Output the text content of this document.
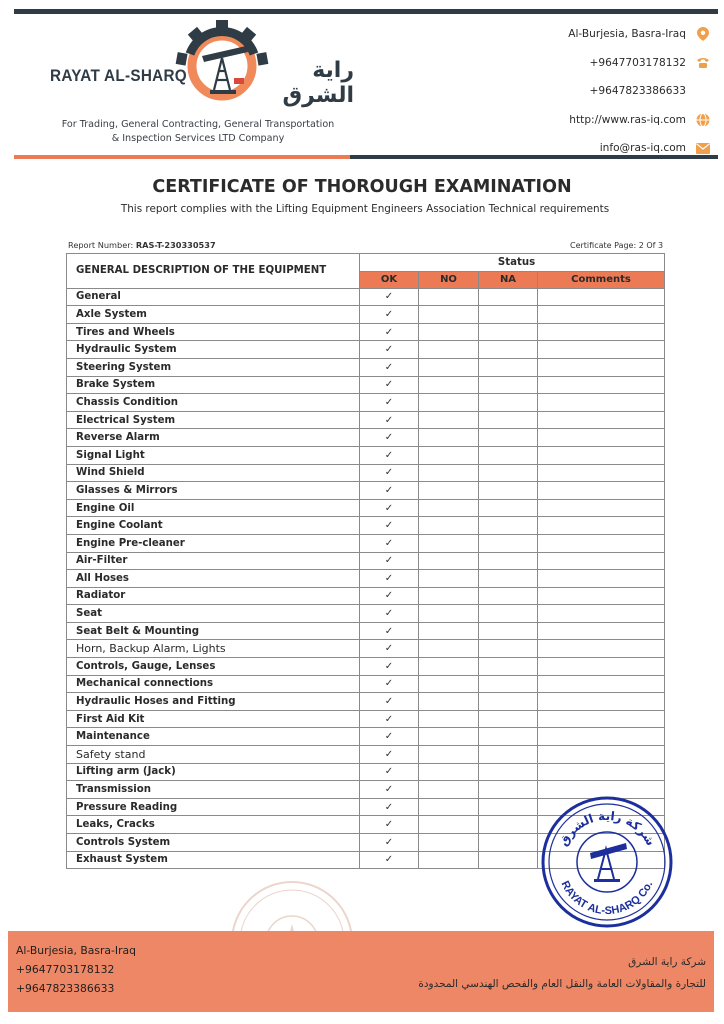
RAYAT AL-SHARQ	راية الشرق
For Trading, General Contracting, General Transportation
& Inspection Services LTD Company
Al-Burjesia, Basra-Iraq
+9647703178132
+9647823386633
http://www.ras-iq.com
info@ras-iq.com
CERTIFICATE OF THOROUGH EXAMINATION
This report complies with the Lifting Equipment Engineers Association Technical requirements
Report Number: RAS-T-230330537	Certificate Page: 2 Of 3
GENERAL DESCRIPTION OF THE EQUIPMENT	Status			
	OK	NO	NA	Comments
General	✓			
Axle System	✓			
Tires and Wheels	✓			
Hydraulic System	✓			
Steering System	✓			
Brake System	✓			
Chassis Condition	✓			
Electrical System	✓			
Reverse Alarm	✓			
Signal Light	✓			
Wind Shield	✓			
Glasses & Mirrors	✓			
Engine Oil	✓			
Engine Coolant	✓			
Engine Pre-cleaner	✓			
Air-Filter	✓			
All Hoses	✓			
Radiator	✓			
Seat	✓			
Seat Belt & Mounting	✓			
Horn, Backup Alarm, Lights	✓			
Controls, Gauge, Lenses	✓			
Mechanical connections	✓			
Hydraulic Hoses and Fitting	✓			
First Aid Kit	✓			
Maintenance	✓			
Safety stand	✓			
Lifting arm (Jack)	✓			
Transmission	✓			
Pressure Reading	✓			
Leaks, Cracks	✓			
Controls System	✓			
Exhaust System	✓			
شركة راية الشرق
RAYAT AL-SHARQ Co.
Al-Burjesia, Basra-Iraq
+9647703178132
+9647823386633
شركة راية الشرق
للتجارة والمقاولات العامة والنقل العام والفحص الهندسي المحدودة
